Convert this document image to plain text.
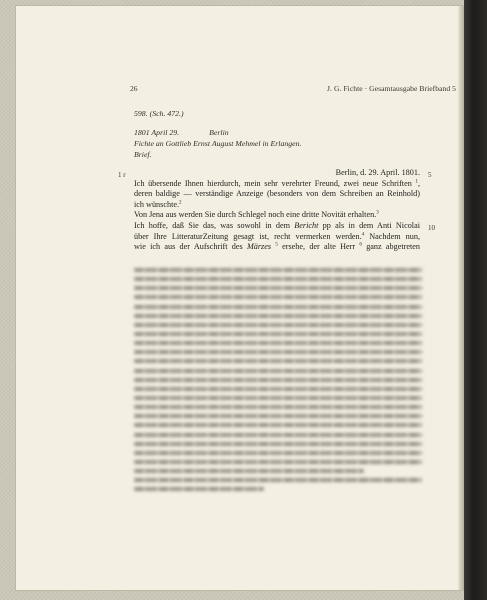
26	J. G. Fichte · Gesamtausgabe Briefband 5
598. (Sch. 472.)
1801 April 29.	Berlin
Fichte an Gottlieb Ernst August Mehmel in Erlangen.
Brief.
1 r	5
10
Berlin, d. 29. April. 1801.
Ich übersende Ihnen hierdurch, mein sehr verehrter Freund, zwei neue Schriften $^1$,
deren baldige — verständige Anzeige (besonders von dem Schreiben an Reinhold)
ich wünschte.$^2$
Von Jena aus werden Sie durch Schlegel noch eine dritte Novität erhalten.$^3$
Ich hoffe, daß Sie das, was sowohl in dem Bericht pp als in dem Anti Nicolai
über Ihre LitteraturZeitung gesagt ist, recht vermerken werden.$^4$ Nachdem nun,
wie ich aus der Aufschrift des Märzes $^5$ ersehe, der alte Herr $^6$ ganz abgetreten
